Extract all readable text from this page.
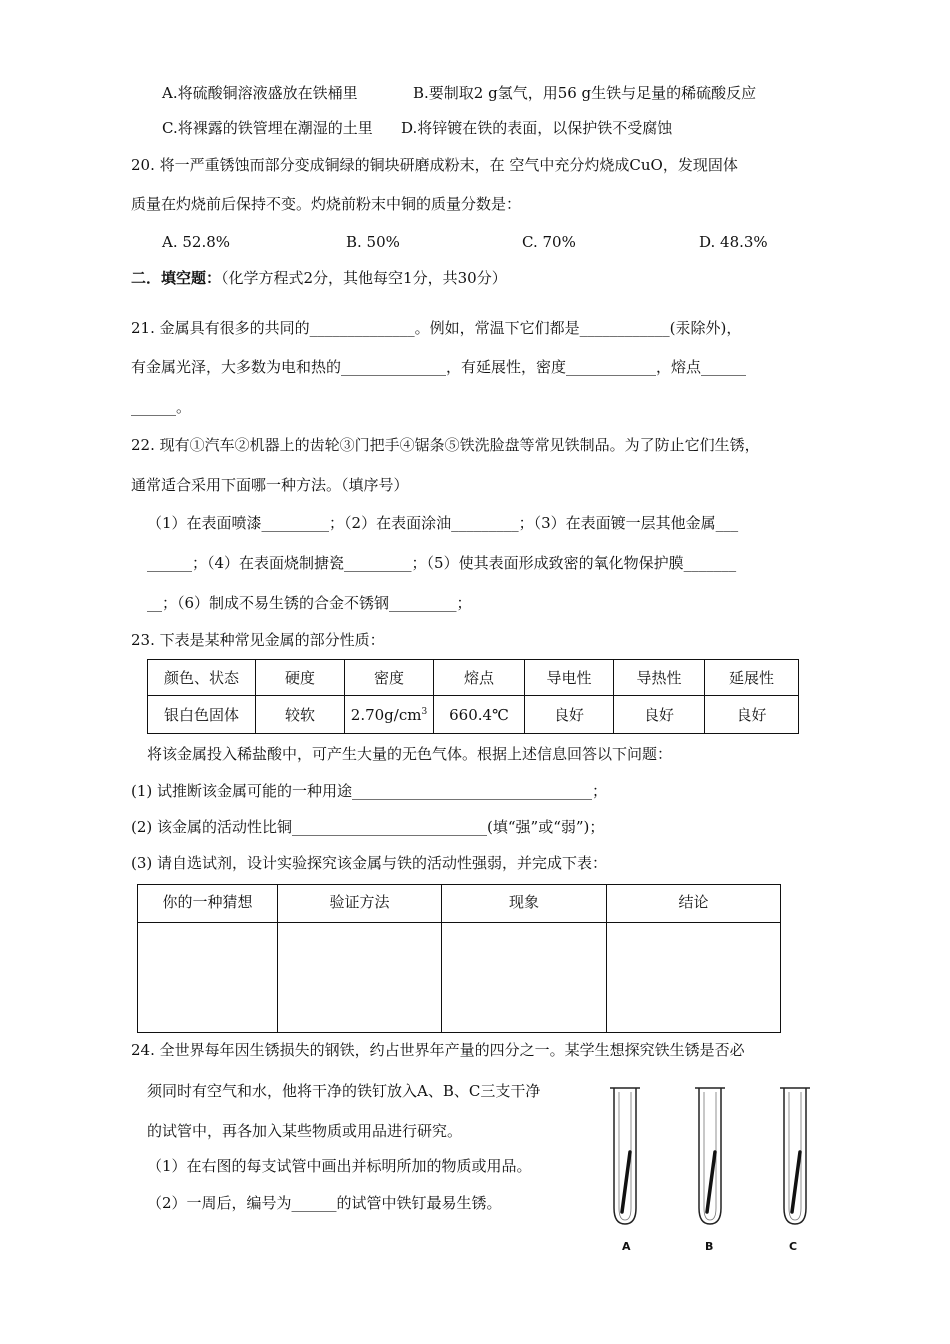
A.将硫酸铜溶液盛放在铁桶里	B.要制取2 g氢气，用56 g生铁与足量的稀硫酸反应
C.将裸露的铁管埋在潮湿的土里 D.将锌镀在铁的表面，以保护铁不受腐蚀
20. 将一严重锈蚀而部分变成铜绿的铜块研磨成粉末，在 空气中充分灼烧成CuO，发现固体
质量在灼烧前后保持不变。灼烧前粉末中铜的质量分数是：
A. 52.8%	B. 50%	C. 70%	D. 48.3%
二．填空题：（化学方程式2分，其他每空1分，共30分）
21. 金属具有很多的共同的______________。例如，常温下它们都是____________(汞除外)，
有金属光泽，大多数为电和热的______________，有延展性，密度____________，熔点______
______。
22. 现有①汽车②机器上的齿轮③门把手④锯条⑤铁洗脸盘等常见铁制品。为了防止它们生锈，
通常适合采用下面哪一种方法。（填序号）
（1）在表面喷漆_________；（2）在表面涂油_________；（3）在表面镀一层其他金属___
______；（4）在表面烧制搪瓷_________；（5）使其表面形成致密的氧化物保护膜_______
__；（6）制成不易生锈的合金不锈钢_________；
23. 下表是某种常见金属的部分性质：
颜色、状态	硬度	密度	熔点	导电性	导热性	延展性
银白色固体	较软	$2.70g/cm^3$	660.4℃	良好	良好	良好
将该金属投入稀盐酸中，可产生大量的无色气体。根据上述信息回答以下问题：
(1) 试推断该金属可能的一种用途________________________________；
(2) 该金属的活动性比铜__________________________(填“强”或“弱”)；
(3) 请自选试剂，设计实验探究该金属与铁的活动性强弱，并完成下表：
你的一种猜想	验证方法	现象	结论

24. 全世界每年因生锈损失的钢铁，约占世界年产量的四分之一。某学生想探究铁生锈是否必
须同时有空气和水，他将干净的铁钉放入A、B、C三支干净
的试管中，再各加入某些物质或用品进行研究。
（1）在右图的每支试管中画出并标明所加的物质或用品。
（2）一周后，编号为______的试管中铁钉最易生锈。
A	B	C
